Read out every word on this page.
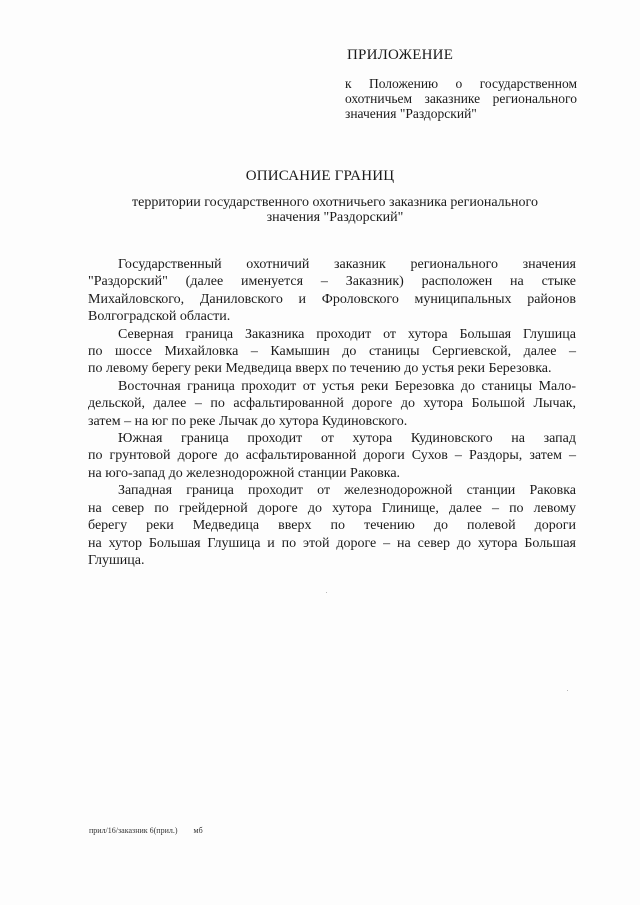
ПРИЛОЖЕНИЕ
к Положению о государственном
охотничьем заказнике регионального
значения "Раздорский"
ОПИСАНИЕ ГРАНИЦ
территории государственного охотничьего заказника регионального
значения "Раздорский"

Государственный охотничий заказник регионального значения
"Раздорский" (далее именуется – Заказник) расположен на стыке
Михайловского, Даниловского и Фроловского муниципальных районов
Волгоградской области.

Северная граница Заказника проходит от хутора Большая Глушица
по шоссе Михайловка – Камышин до станицы Сергиевской, далее –
по левому берегу реки Медведица вверх по течению до устья реки Березовка.

Восточная граница проходит от устья реки Березовка до станицы Мало-
дельской, далее – по асфальтированной дороге до хутора Большой Лычак,
затем – на юг по реке Лычак до хутора Кудиновского.

Южная граница проходит от хутора Кудиновского на запад
по грунтовой дороге до асфальтированной дороги Сухов – Раздоры, затем –
на юго-запад до железнодорожной станции Раковка.

Западная граница проходит от железнодорожной станции Раковка
на север по грейдерной дороге до хутора Глинище, далее – по левому
берегу реки Медведица вверх по течению до полевой дороги
на хутор Большая Глушица и по этой дороге – на север до хутора Большая
Глушица.

прил/16/заказник 6(прил.) мб
